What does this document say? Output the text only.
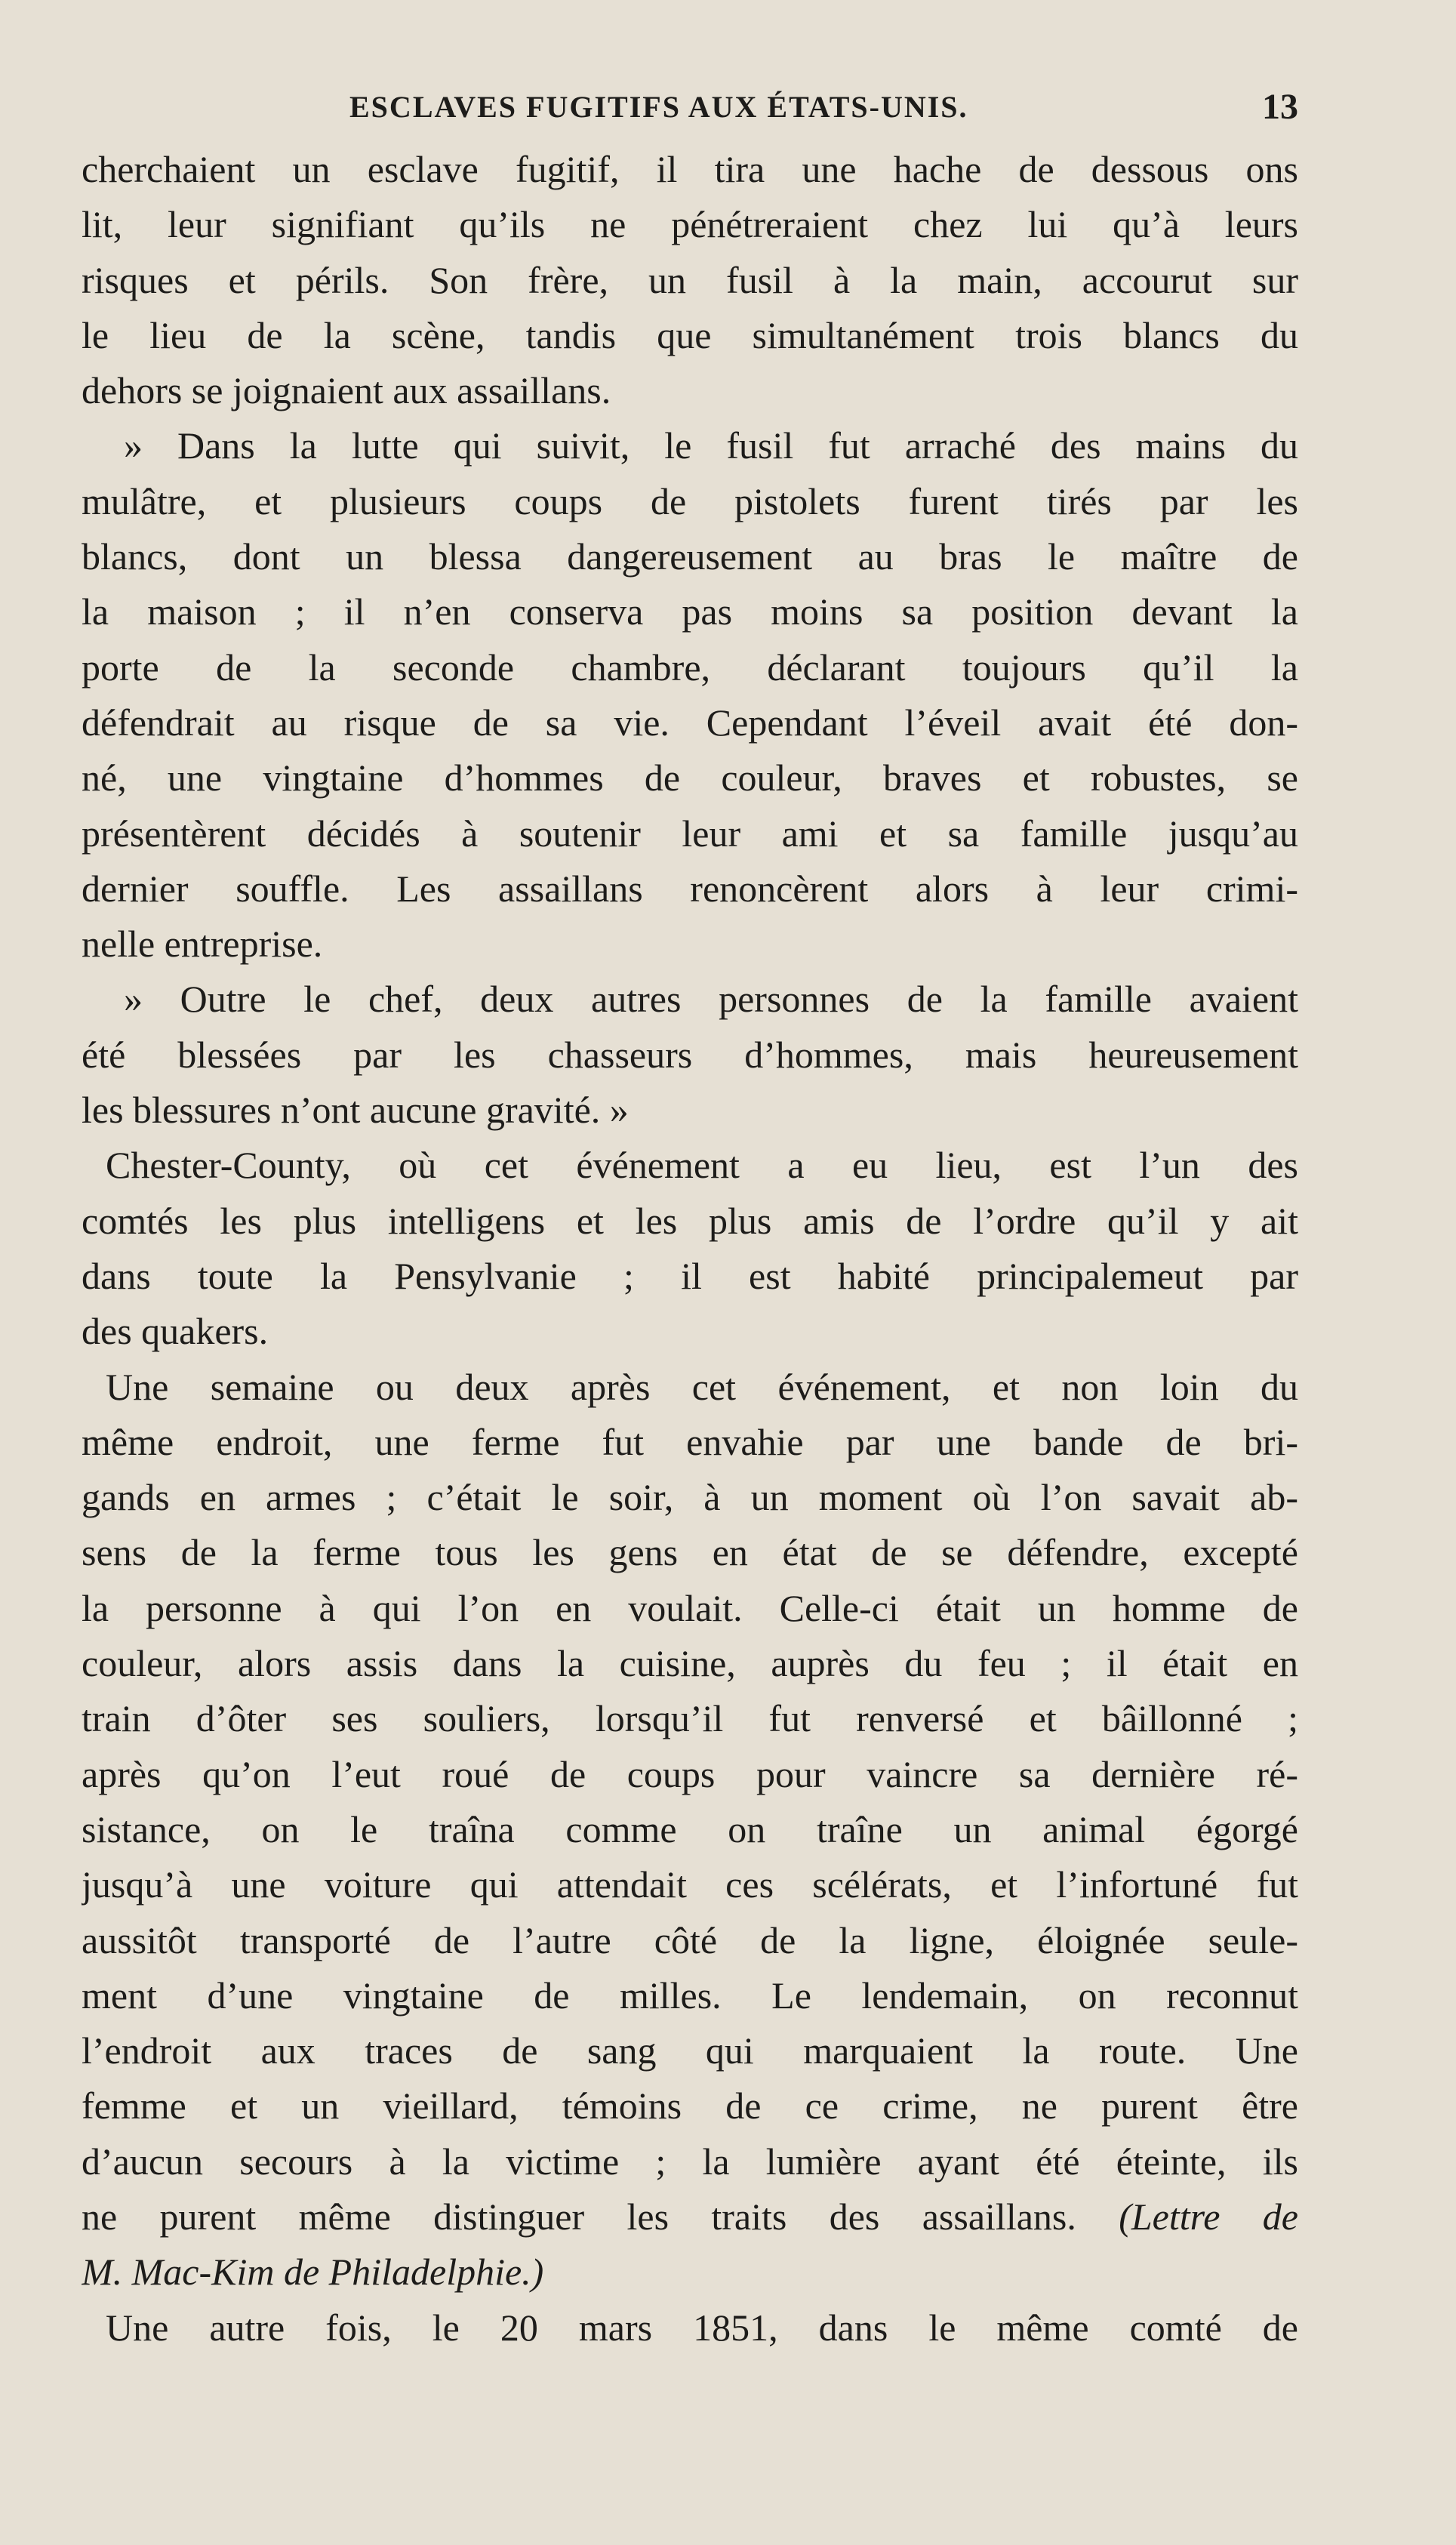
ESCLAVES FUGITIFS AUX ÉTATS-UNIS.	13
cherchaient un esclave fugitif, il tira une hache de dessous ons
lit, leur signifiant qu’ils ne pénétreraient chez lui qu’à leurs
risques et périls. Son frère, un fusil à la main, accourut sur
le lieu de la scène, tandis que simultanément trois blancs du
dehors se joignaient aux assaillans.
» Dans la lutte qui suivit, le fusil fut arraché des mains du
mulâtre, et plusieurs coups de pistolets furent tirés par les
blancs, dont un blessa dangereusement au bras le maître de
la maison ; il n’en conserva pas moins sa position devant la
porte de la seconde chambre, déclarant toujours qu’il la
défendrait au risque de sa vie. Cependant l’éveil avait été don-
né, une vingtaine d’hommes de couleur, braves et robustes, se
présentèrent décidés à soutenir leur ami et sa famille jusqu’au
dernier souffle. Les assaillans renoncèrent alors à leur crimi-
nelle entreprise.
» Outre le chef, deux autres personnes de la famille avaient
été blessées par les chasseurs d’hommes, mais heureusement
les blessures n’ont aucune gravité. »
Chester-County, où cet événement a eu lieu, est l’un des
comtés les plus intelligens et les plus amis de l’ordre qu’il y ait
dans toute la Pensylvanie ; il est habité principalemeut par
des quakers.
Une semaine ou deux après cet événement, et non loin du
même endroit, une ferme fut envahie par une bande de bri-
gands en armes ; c’était le soir, à un moment où l’on savait ab-
sens de la ferme tous les gens en état de se défendre, excepté
la personne à qui l’on en voulait. Celle-ci était un homme de
couleur, alors assis dans la cuisine, auprès du feu ; il était en
train d’ôter ses souliers, lorsqu’il fut renversé et bâillonné ;
après qu’on l’eut roué de coups pour vaincre sa dernière ré-
sistance, on le traîna comme on traîne un animal égorgé
jusqu’à une voiture qui attendait ces scélérats, et l’infortuné fut
aussitôt transporté de l’autre côté de la ligne, éloignée seule-
ment d’une vingtaine de milles. Le lendemain, on reconnut
l’endroit aux traces de sang qui marquaient la route. Une
femme et un vieillard, témoins de ce crime, ne purent être
d’aucun secours à la victime ; la lumière ayant été éteinte, ils
ne purent même distinguer les traits des assaillans. (Lettre de
M. Mac-Kim de Philadelphie.)
Une autre fois, le 20 mars 1851, dans le même comté de
